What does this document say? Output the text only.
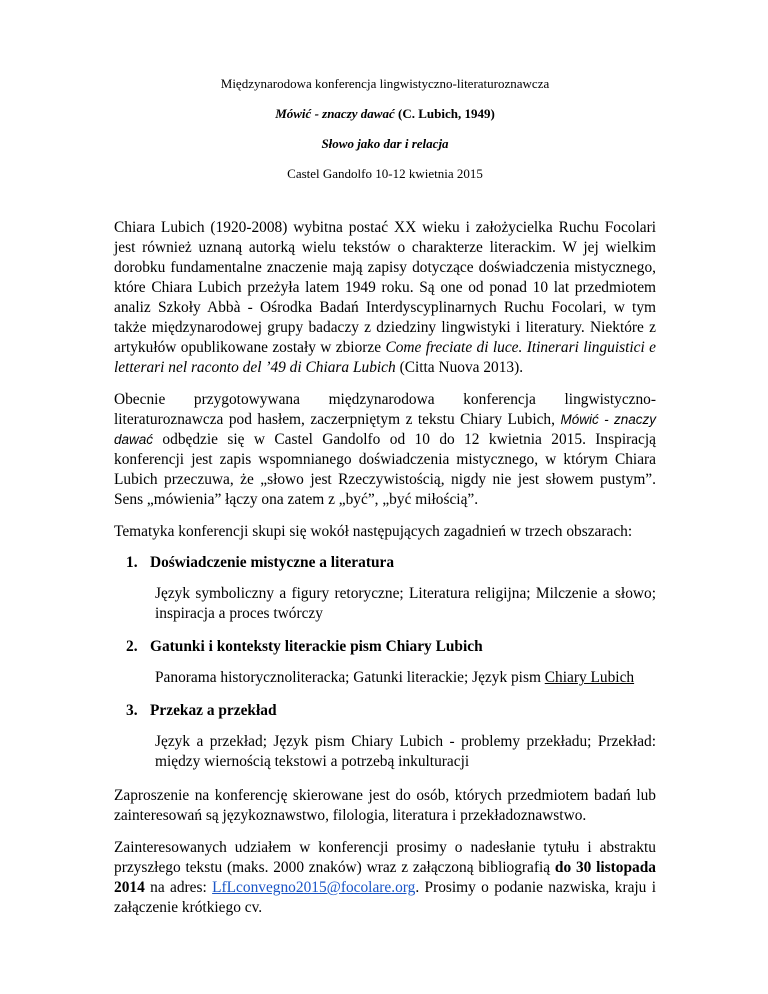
Międzynarodowa konferencja lingwistyczno-literaturoznawcza
Mówić - znaczy dawać (C. Lubich, 1949)
Słowo jako dar i relacja
Castel Gandolfo 10-12 kwietnia 2015

Chiara Lubich (1920-2008) wybitna postać XX wieku i założycielka Ruchu Focolari jest również uznaną autorką wielu tekstów o charakterze literackim. W jej wielkim dorobku fundamentalne znaczenie mają zapisy dotyczące doświadczenia mistycznego, które Chiara Lubich przeżyła latem 1949 roku. Są one od ponad 10 lat przedmiotem analiz Szkoły Abbà - Ośrodka Badań Interdyscyplinarnych Ruchu Focolari, w tym także międzynarodowej grupy badaczy z dziedziny lingwistyki i literatury. Niektóre z artykułów opublikowane zostały w zbiorze Come freciate di luce. Itinerari linguistici e letterari nel raconto del ’49 di Chiara Lubich (Citta Nuova 2013).

Obecnie przygotowywana międzynarodowa konferencja lingwistyczno-literaturoznawcza pod hasłem, zaczerpniętym z tekstu Chiary Lubich, Mówić - znaczy dawać odbędzie się w Castel Gandolfo od 10 do 12 kwietnia 2015. Inspiracją konferencji jest zapis wspomnianego doświadczenia mistycznego, w którym Chiara Lubich przeczuwa, że „słowo jest Rzeczywistością, nigdy nie jest słowem pustym”. Sens „mówienia” łączy ona zatem z „być”, „być miłością”.

Tematyka konferencji skupi się wokół następujących zagadnień w trzech obszarach:

1. Doświadczenie mistyczne a literatura
Język symboliczny a figury retoryczne; Literatura religijna; Milczenie a słowo; inspiracja a proces twórczy
2. Gatunki i konteksty literackie pism Chiary Lubich
Panorama historycznoliteracka; Gatunki literackie; Język pism Chiary Lubich
3. Przekaz a przekład
Język a przekład; Język pism Chiary Lubich - problemy przekładu; Przekład: między wiernością tekstowi a potrzebą inkulturacji

Zaproszenie na konferencję skierowane jest do osób, których przedmiotem badań lub zainteresowań są językoznawstwo, filologia, literatura i przekładoznawstwo.

Zainteresowanych udziałem w konferencji prosimy o nadesłanie tytułu i abstraktu przyszłego tekstu (maks. 2000 znaków) wraz z załączoną bibliografią do 30 listopada 2014 na adres: LfLconvegno2015@focolare.org. Prosimy o podanie nazwiska, kraju i załączenie krótkiego cv.
